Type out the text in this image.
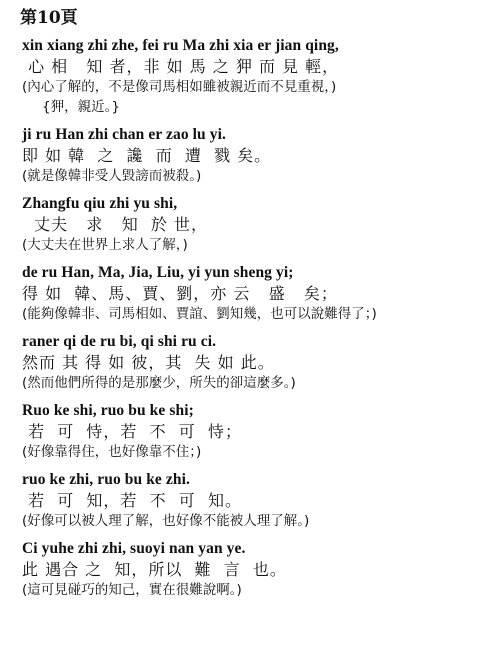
第10頁
xin xiang zhi zhe, fei ru Ma zhi xia er jian qing,
心 相   知 者，非 如 馬 之 狎 而 見 輕，
(內心了解的，不是像司馬相如雖被親近而不見重視，)
{狎，親近。}
ji ru Han zhi chan er zao lu yi.
即 如 韓  之  讒  而  遭  戮 矣。
(就是像韓非受人毀謗而被殺。)
Zhangfu qiu zhi yu shi,
丈夫   求   知  於 世，
(大丈夫在世界上求人了解，)
de ru Han, Ma, Jia, Liu, yi yun sheng yi;
得 如  韓、馬、賈、劉，亦 云   盛   矣；
(能夠像韓非、司馬相如、賈誼、劉知幾，也可以說難得了；)
raner qi de ru bi, qi shi ru ci.
然而 其 得 如 彼，其  失 如 此。
(然而他們所得的是那麼少，所失的卻這麼多。)
Ruo ke shi, ruo bu ke shi;
若  可  恃，若  不  可  恃；
(好像靠得住，也好像靠不住；)
ruo ke zhi, ruo bu ke zhi.
若  可  知，若  不  可  知。
(好像可以被人理了解，也好像不能被人理了解。)
Ci yuhe zhi zhi, suoyi nan yan ye.
此 遇合 之  知，所以  難  言  也。
(這可見碰巧的知己，實在很難說啊。)
